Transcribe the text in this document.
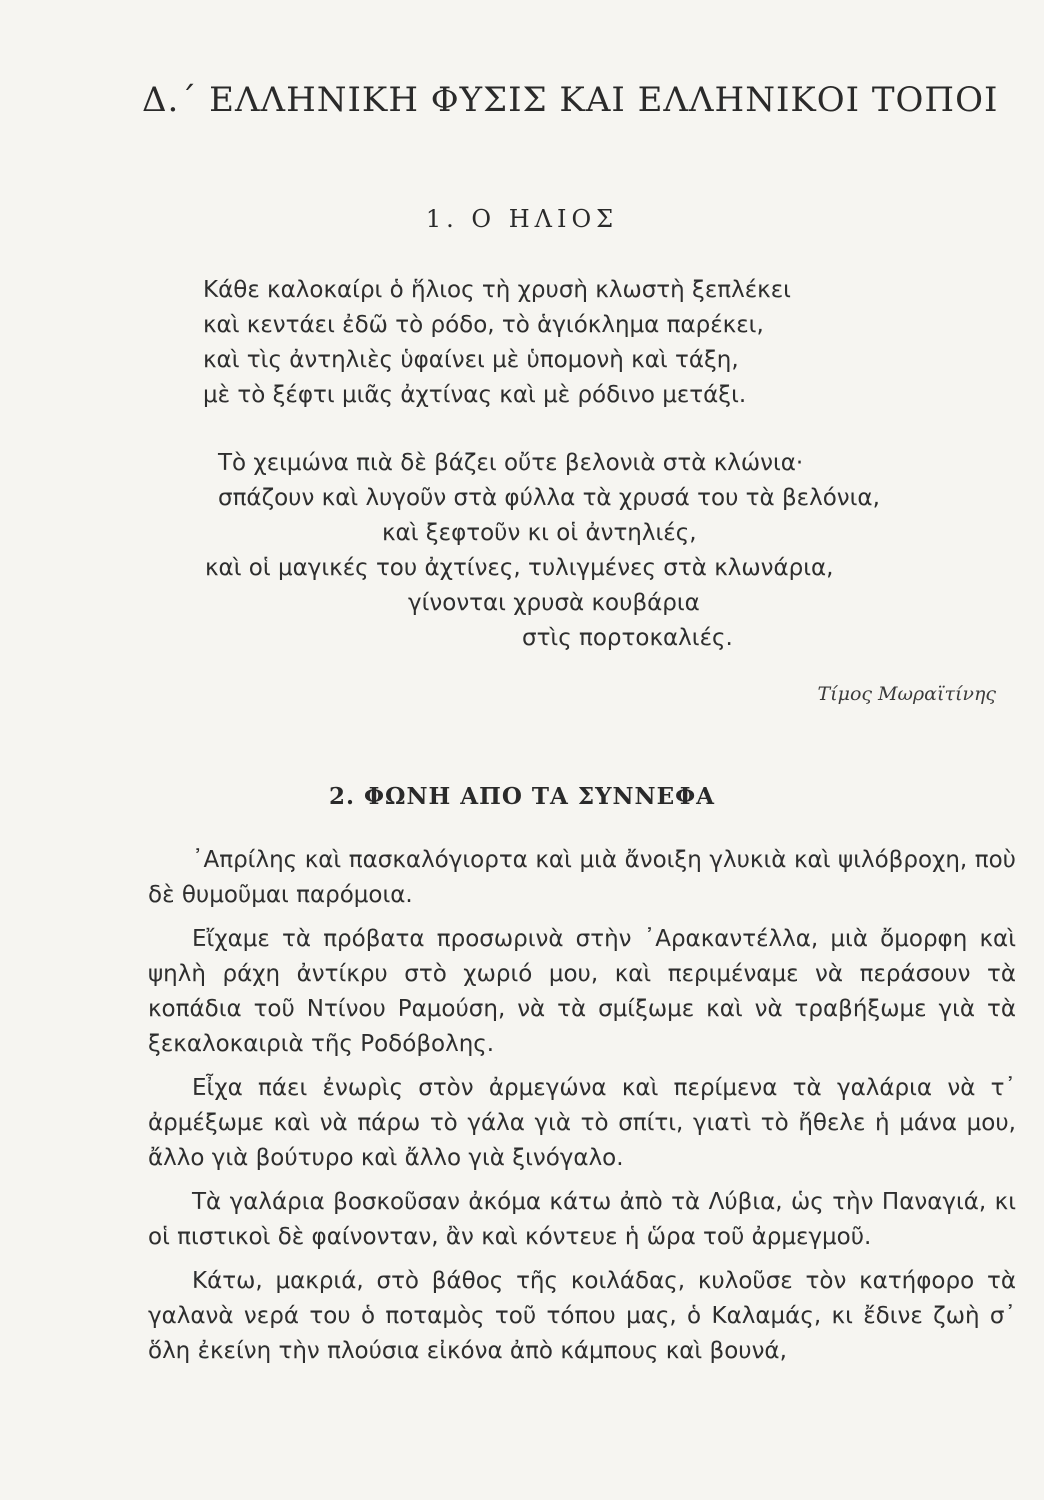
Δ.΄ ΕΛΛΗΝΙΚΗ ΦΥΣΙΣ ΚΑΙ ΕΛΛΗΝΙΚΟΙ ΤΟΠΟΙ
1. Ο ΗΛΙΟΣ
Κάθε καλοκαίρι ὁ ἥλιος τὴ χρυσὴ κλωστὴ ξεπλέκει
καὶ κεντάει ἐδῶ τὸ ρόδο, τὸ ἁγιόκλημα παρέκει,
καὶ τὶς ἀντηλιὲς ὑφαίνει μὲ ὑπομονὴ καὶ τάξη,
μὲ τὸ ξέφτι μιᾶς ἀχτίνας καὶ μὲ ρόδινο μετάξι.
Τὸ χειμώνα πιὰ δὲ βάζει οὔτε βελονιὰ στὰ κλώνια·
σπάζουν καὶ λυγοῦν στὰ φύλλα τὰ χρυσά του τὰ βελόνια,
καὶ ξεφτοῦν κι οἱ ἀντηλιές,
καὶ οἱ μαγικές του ἀχτίνες, τυλιγμένες στὰ κλωνάρια,
γίνονται χρυσὰ κουβάρια
στὶς πορτοκαλιές.
Τίμος Μωραϊτίνης
2. ΦΩΝΗ ΑΠΟ ΤΑ ΣΥΝΝΕΦΑ

᾿Απρίλης καὶ πασκαλόγιορτα καὶ μιὰ ἄνοιξη γλυκιὰ καὶ ψιλόβροχη, ποὺ δὲ θυμοῦμαι παρόμοια.

Εἴχαμε τὰ πρόβατα προσωρινὰ στὴν ᾿Αρακαντέλλα, μιὰ ὄμορφη καὶ ψηλὴ ράχη ἀντίκρυ στὸ χωριό μου, καὶ περιμέναμε νὰ περάσουν τὰ κοπάδια τοῦ Ντίνου Ραμούση, νὰ τὰ σμίξωμε καὶ νὰ τραβήξωμε γιὰ τὰ ξεκαλοκαιριὰ τῆς Ροδόβολης.

Εἶχα πάει ἐνωρὶς στὸν ἀρμεγώνα καὶ περίμενα τὰ γαλάρια νὰ τ᾿ ἀρμέξωμε καὶ νὰ πάρω τὸ γάλα γιὰ τὸ σπίτι, γιατὶ τὸ ἤθελε ἡ μάνα μου, ἄλλο γιὰ βούτυρο καὶ ἄλλο γιὰ ξινόγαλο.

Τὰ γαλάρια βοσκοῦσαν ἀκόμα κάτω ἀπὸ τὰ Λύβια, ὡς τὴν Παναγιά, κι οἱ πιστικοὶ δὲ φαίνονταν, ἂν καὶ κόντευε ἡ ὥρα τοῦ ἀρμεγμοῦ.

Κάτω, μακριά, στὸ βάθος τῆς κοιλάδας, κυλοῦσε τὸν κατήφορο τὰ γαλανὰ νερά του ὁ ποταμὸς τοῦ τόπου μας, ὁ Καλαμάς, κι ἔδινε ζωὴ σ᾿ ὅλη ἐκείνη τὴν πλούσια εἰκόνα ἀπὸ κάμπους καὶ βουνά,
